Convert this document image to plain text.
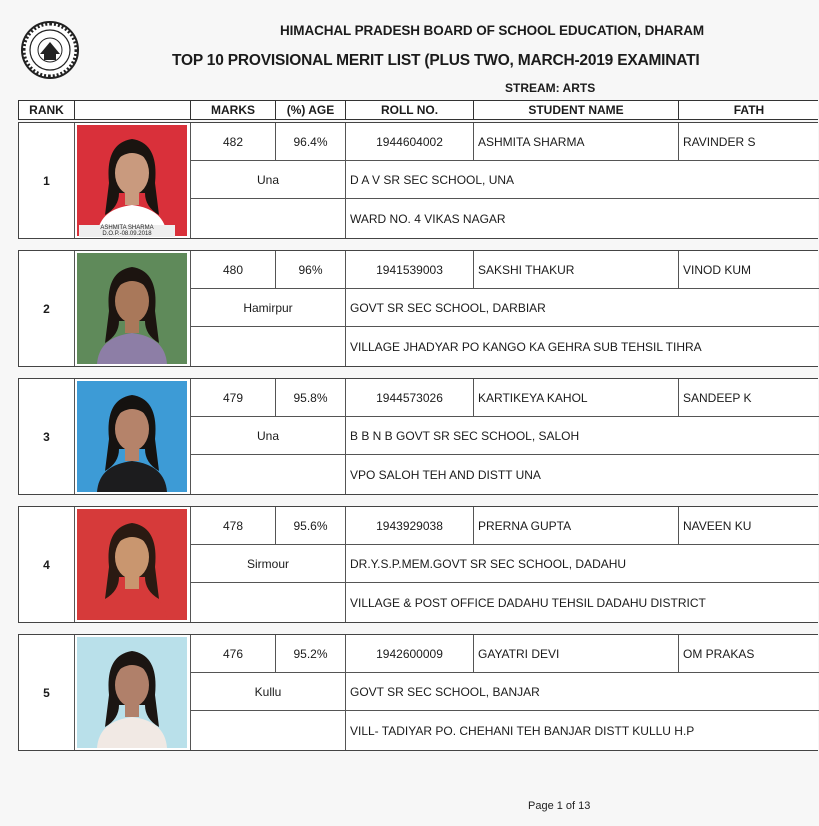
HIMACHAL PRADESH BOARD OF SCHOOL EDUCATION, DHARAM
TOP 10 PROVISIONAL MERIT LIST (PLUS TWO, MARCH-2019 EXAMINATI
STREAM: ARTS
RANK	MARKS	(%) AGE	ROLL NO.	STUDENT NAME	FATH
1
ASHMITA SHARMA D.O.P.-08.09.2018
482	96.4%	1944604002	ASHMITA SHARMA	RAVINDER S
Una	D A V SR SEC SCHOOL, UNA
WARD NO. 4 VIKAS NAGAR
2
480	96%	1941539003	SAKSHI THAKUR	VINOD KUM
Hamirpur	GOVT SR SEC SCHOOL, DARBIAR
VILLAGE JHADYAR PO KANGO KA GEHRA SUB TEHSIL TIHRA
3
479	95.8%	1944573026	KARTIKEYA KAHOL	SANDEEP K
Una	B B N B GOVT SR SEC SCHOOL, SALOH
VPO SALOH TEH AND DISTT UNA
4
478	95.6%	1943929038	PRERNA GUPTA	NAVEEN KU
Sirmour	DR.Y.S.P.MEM.GOVT SR SEC SCHOOL, DADAHU
VILLAGE & POST OFFICE DADAHU TEHSIL DADAHU DISTRICT
5
476	95.2%	1942600009	GAYATRI DEVI	OM PRAKAS
Kullu	GOVT SR SEC SCHOOL, BANJAR
VILL- TADIYAR PO. CHEHANI TEH BANJAR DISTT KULLU H.P
Page 1 of 13
